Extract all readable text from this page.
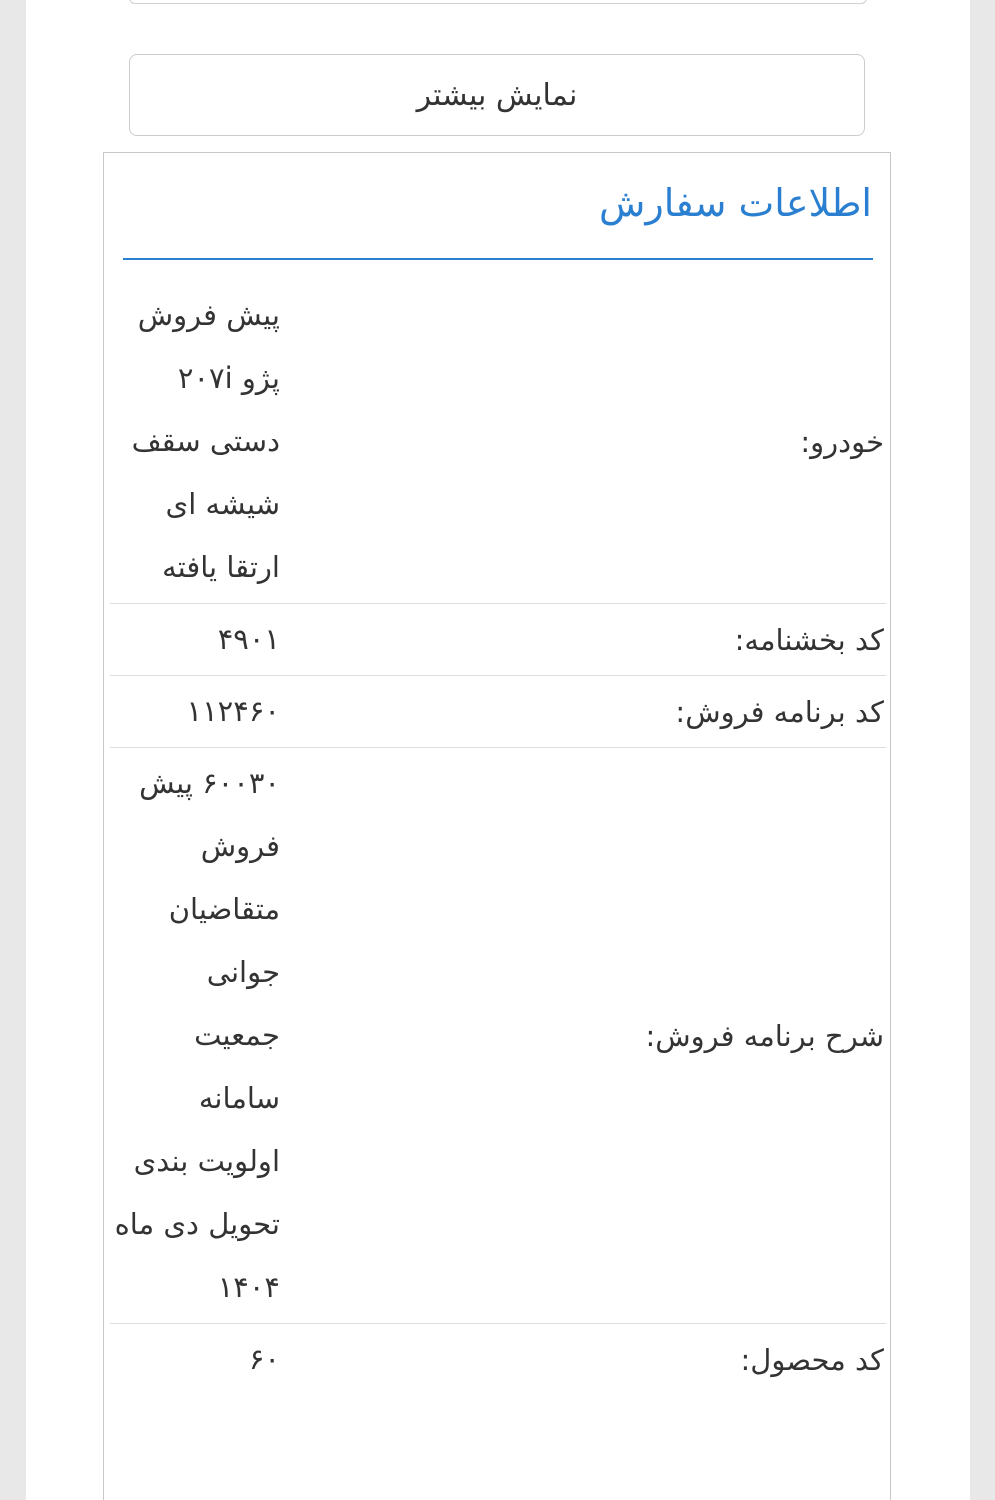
نمایش بیشتر
اطلاعات سفارش
خودرو:
پیش فروش پژو ۲۰۷i دستی سقف شیشه ای ارتقا یافته
کد بخشنامه:
۴۹۰۱
کد برنامه فروش:
۱۱۲۴۶۰
شرح برنامه فروش:
۶۰۰۳۰ پیش فروش متقاضیان جوانی جمعیت سامانه اولویت بندی تحویل دی ماه ۱۴۰۴
کد محصول:
۶۰
